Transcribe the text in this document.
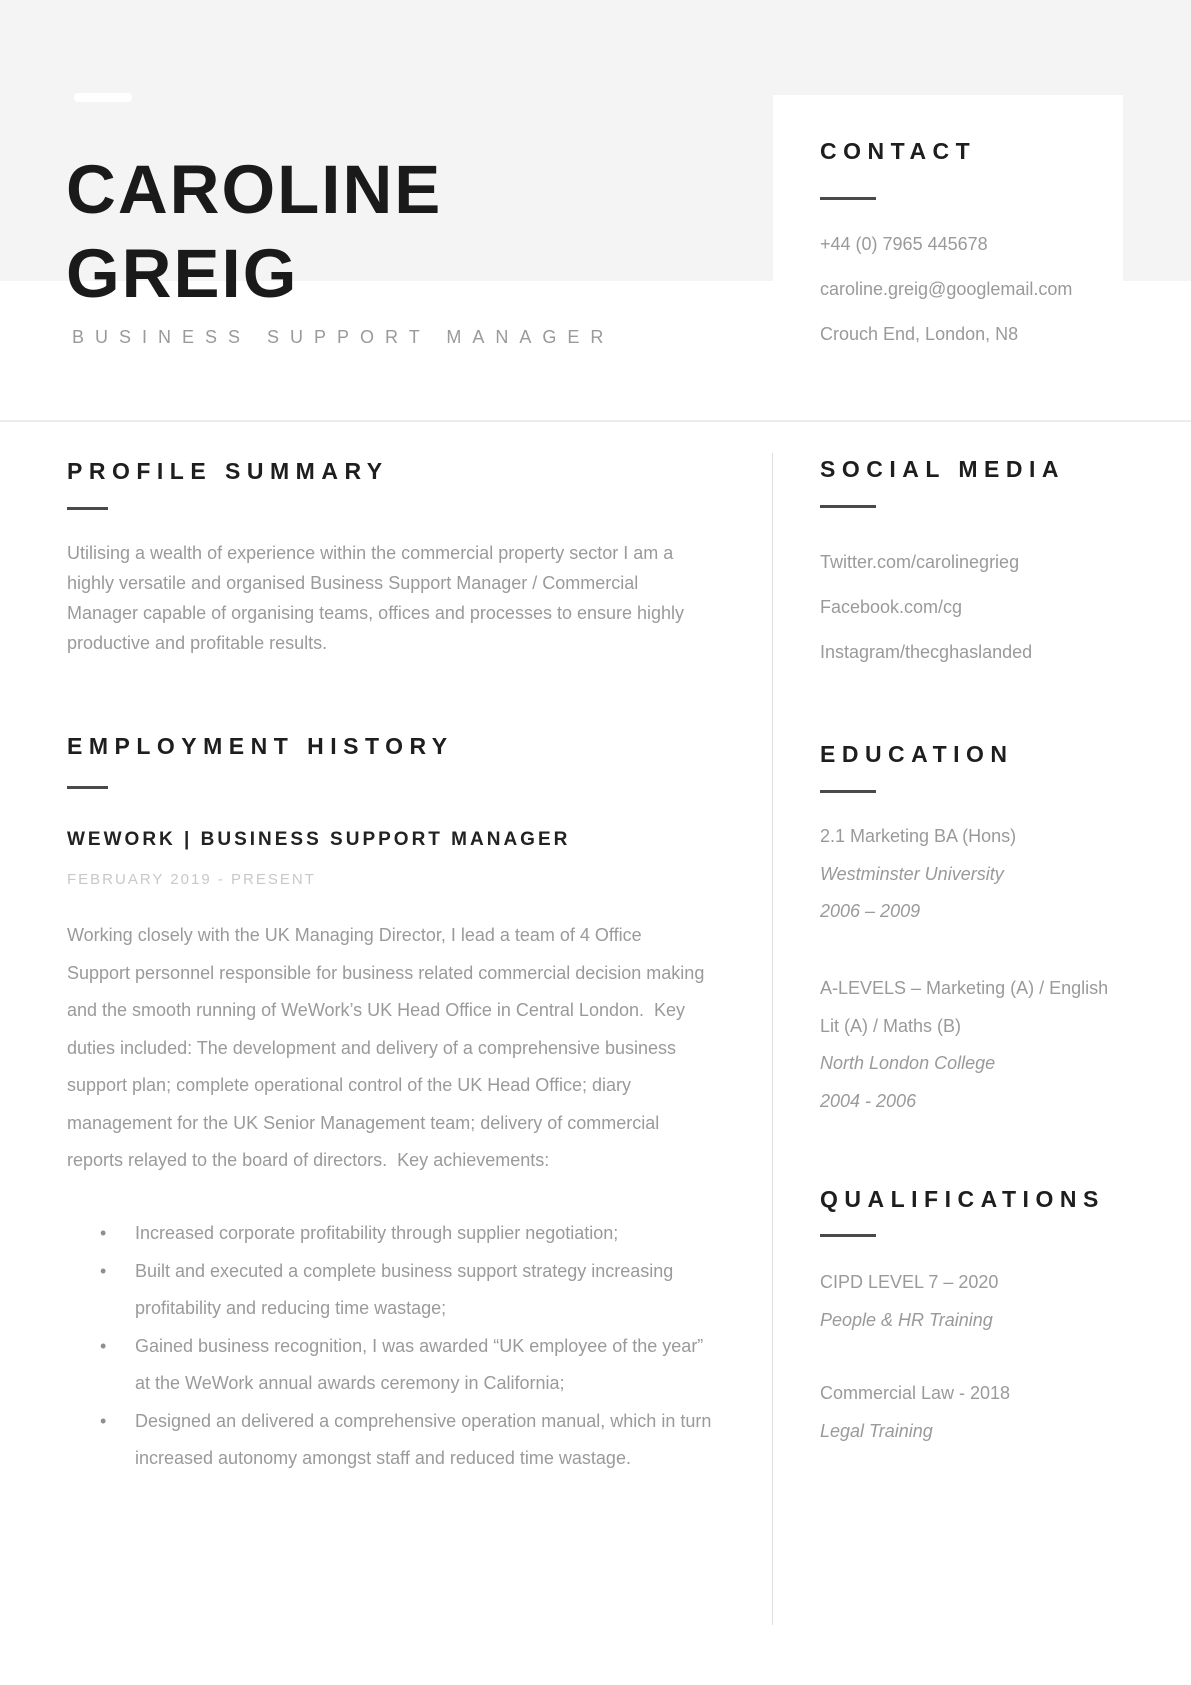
CAROLINE
GREIG
BUSINESS SUPPORT MANAGER
CONTACT
+44 (0) 7965 445678
caroline.greig@googlemail.com
Crouch End, London, N8
PROFILE SUMMARY

Utilising a wealth of experience within the commercial property sector I am a highly versatile and organised Business Support Manager / Commercial Manager capable of organising teams, offices and processes to ensure highly productive and profitable results.

SOCIAL MEDIA
Twitter.com/carolinegrieg
Facebook.com/cg
Instagram/thecghaslanded
EMPLOYMENT HISTORY
WEWORK | BUSINESS SUPPORT MANAGER
FEBRUARY 2019 - PRESENT

Working closely with the UK Managing Director, I lead a team of 4 Office Support personnel responsible for business related commercial decision making and the smooth running of WeWork’s UK Head Office in Central London.  Key duties included: The development and delivery of a comprehensive business support plan; complete operational control of the UK Head Office; diary management for the UK Senior Management team; delivery of commercial reports relayed to the board of directors.  Key achievements:

• Increased corporate profitability through supplier negotiation;
• Built and executed a complete business support strategy increasing profitability and reducing time wastage;
• Gained business recognition, I was awarded “UK employee of the year” at the WeWork annual awards ceremony in California;
• Designed an delivered a comprehensive operation manual, which in turn increased autonomy amongst staff and reduced time wastage.
EDUCATION
2.1 Marketing BA (Hons)
Westminster University
2006 – 2009
A-LEVELS – Marketing (A) / English Lit (A) / Maths (B)
North London College
2004 - 2006
QUALIFICATIONS
CIPD LEVEL 7 – 2020
People & HR Training
Commercial Law - 2018
Legal Training
